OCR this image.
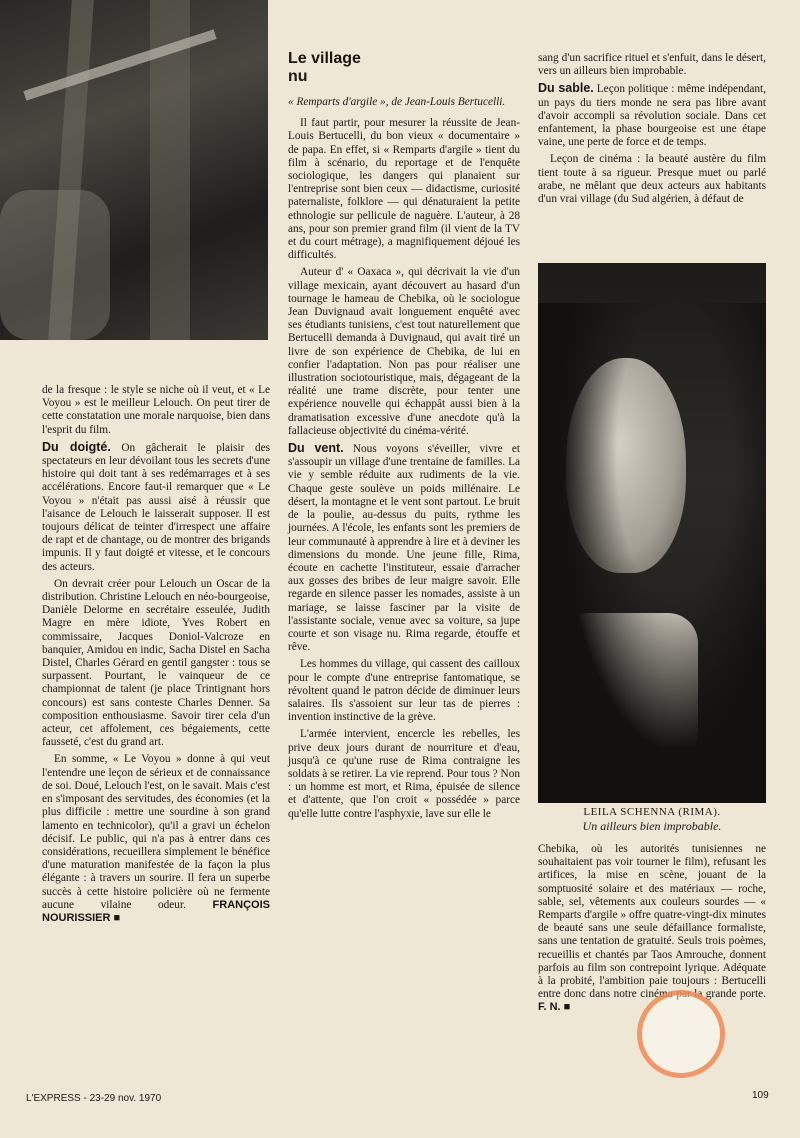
de la fresque : le style se niche où il veut, et « Le Voyou » est le meilleur Lelouch. On peut tirer de cette constatation une morale narquoise, bien dans l'esprit du film.

Du doigté. On gâcherait le plaisir des spectateurs en leur dévoilant tous les secrets d'une histoire qui doit tant à ses redémarrages et à ses accélérations. Encore faut-il remarquer que « Le Voyou » n'était pas aussi aisé à réussir que l'aisance de Lelouch le laisserait supposer. Il est toujours délicat de teinter d'irrespect une affaire de rapt et de chantage, ou de montrer des brigands impunis. Il y faut doigté et vitesse, et le concours des acteurs.

On devrait créer pour Lelouch un Oscar de la distribution. Christine Lelouch en néo-bourgeoise, Danièle Delorme en secrétaire esseulée, Judith Magre en mère idiote, Yves Robert en commissaire, Jacques Doniol-Valcroze en banquier, Amidou en indic, Sacha Distel en Sacha Distel, Charles Gérard en gentil gangster : tous se surpassent. Pourtant, le vainqueur de ce championnat de talent (je place Trintignant hors concours) est sans conteste Charles Denner. Sa composition enthousiasme. Savoir tirer cela d'un acteur, cet affolement, ces bégaiements, cette fausseté, c'est du grand art.

En somme, « Le Voyou » donne à qui veut l'entendre une leçon de sérieux et de connaissance de soi. Doué, Lelouch l'est, on le savait. Mais c'est en s'imposant des servitudes, des économies (et la plus difficile : mettre une sourdine à son grand lamento en technicolor), qu'il a gravi un échelon décisif. Le public, qui n'a pas à entrer dans ces considérations, recueillera simplement le bénéfice d'une maturation manifestée de la façon la plus élégante : à travers un sourire. Il fera un superbe succès à cette histoire policière où ne fermente aucune vilaine odeur. FRANÇOIS NOURISSIER ■

Le village
nu

« Remparts d'argile », de Jean-Louis Bertucelli.

Il faut partir, pour mesurer la réussite de Jean-Louis Bertucelli, du bon vieux « documentaire » de papa. En effet, si « Remparts d'argile » tient du film à scénario, du reportage et de l'enquête sociologique, les dangers qui planaient sur l'entreprise sont bien ceux — didactisme, curiosité paternaliste, folklore — qui dénaturaient la petite ethnologie sur pellicule de naguère. L'auteur, à 28 ans, pour son premier grand film (il vient de la TV et du court métrage), a magnifiquement déjoué les difficultés.

Auteur d' « Oaxaca », qui décrivait la vie d'un village mexicain, ayant découvert au hasard d'un tournage le hameau de Chebika, où le sociologue Jean Duvignaud avait longuement enquêté avec ses étudiants tunisiens, c'est tout naturellement que Bertucelli demanda à Duvignaud, qui avait tiré un livre de son expérience de Chebika, de lui en confier l'adaptation. Non pas pour réaliser une illustration sociotouristique, mais, dégageant de la réalité une trame discrète, pour tenter une expérience nouvelle qui échappât aussi bien à la dramatisation excessive d'une anecdote qu'à la fallacieuse objectivité du cinéma-vérité.

Du vent. Nous voyons s'éveiller, vivre et s'assoupir un village d'une trentaine de familles. La vie y semble réduite aux rudiments de la vie. Chaque geste soulève un poids millénaire. Le désert, la montagne et le vent sont partout. Le bruit de la poulie, au-dessus du puits, rythme les journées. A l'école, les enfants sont les premiers de leur communauté à apprendre à lire et à deviner les dimensions du monde. Une jeune fille, Rima, écoute en cachette l'instituteur, essaie d'arracher aux gosses des bribes de leur maigre savoir. Elle regarde en silence passer les nomades, assiste à un mariage, se laisse fasciner par la visite de l'assistante sociale, venue avec sa voiture, sa jupe courte et son visage nu. Rima regarde, étouffe et rêve.

Les hommes du village, qui cassent des cailloux pour le compte d'une entreprise fantomatique, se révoltent quand le patron décide de diminuer leurs salaires. Ils s'assoient sur leur tas de pierres : invention instinctive de la grève.

L'armée intervient, encercle les rebelles, les prive deux jours durant de nourriture et d'eau, jusqu'à ce qu'une ruse de Rima contraigne les soldats à se retirer. La vie reprend. Pour tous ? Non : un homme est mort, et Rima, épuisée de silence et d'attente, que l'on croit « possédée » parce qu'elle lutte contre l'asphyxie, lave sur elle le

sang d'un sacrifice rituel et s'enfuit, dans le désert, vers un ailleurs bien improbable.

Du sable. Leçon politique : même indépendant, un pays du tiers monde ne sera pas libre avant d'avoir accompli sa révolution sociale. Dans cet enfantement, la phase bourgeoise est une étape vaine, une perte de force et de temps.

Leçon de cinéma : la beauté austère du film tient toute à sa rigueur. Presque muet ou parlé arabe, ne mêlant que deux acteurs aux habitants d'un vrai village (du Sud algérien, à défaut de

LEILA SCHENNA (RIMA).
Un ailleurs bien improbable.

Chebika, où les autorités tunisiennes ne souhaitaient pas voir tourner le film), refusant les artifices, la mise en scène, jouant de la somptuosité solaire et des matériaux — roche, sable, sel, vêtements aux couleurs sourdes — « Remparts d'argile » offre quatre-vingt-dix minutes de beauté sans une seule défaillance formaliste, sans une tentation de gratuité. Seuls trois poèmes, recueillis et chantés par Taos Amrouche, donnent parfois au film son contrepoint lyrique. Adéquate à la probité, l'ambition paie toujours : Bertucelli entre donc dans notre cinéma par la grande porte. F. N. ■

L'EXPRESS - 23-29 nov. 1970	109
